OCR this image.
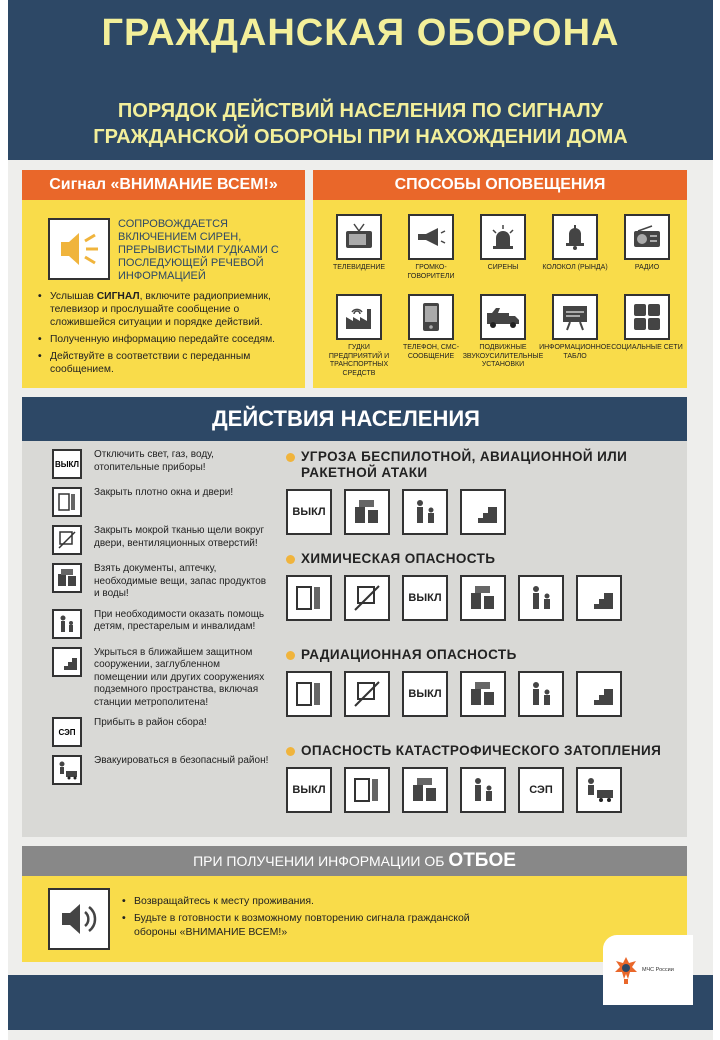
ГРАЖДАНСКАЯ ОБОРОНА
ПОРЯДОК ДЕЙСТВИЙ НАСЕЛЕНИЯ ПО СИГНАЛУ
ГРАЖДАНСКОЙ ОБОРОНЫ ПРИ НАХОЖДЕНИИ ДОМА
Сигнал «ВНИМАНИЕ ВСЕМ!»
СОПРОВОЖДАЕТСЯ ВКЛЮЧЕНИЕМ СИРЕН, ПРЕРЫВИСТЫМИ ГУДКАМИ С ПОСЛЕДУЮЩЕЙ РЕЧЕВОЙ ИНФОРМАЦИЕЙ
• Услышав СИГНАЛ, включите радиоприемник, телевизор и прослушайте сообщение о сложившейся ситуации и порядке действий.
• Полученную информацию передайте соседям.
• Действуйте в соответствии с переданным сообщением.
СПОСОБЫ ОПОВЕЩЕНИЯ
ТЕЛЕВИДЕНИЕ	ГРОМКО-ГОВОРИТЕЛИ
СИРЕНЫ	КОЛОКОЛ (РЫНДА)	РАДИО
ГУДКИ ПРЕДПРИЯТИЙ И ТРАНСПОРТНЫХ СРЕДСТВ
ТЕЛЕФОН, СМС-СООБЩЕНИЕ
ПОДВИЖНЫЕ ЗВУКОУСИЛИТЕЛЬНЫЕ УСТАНОВКИ
ИНФОРМАЦИОННОЕ ТАБЛО
СОЦИАЛЬНЫЕ СЕТИ
ДЕЙСТВИЯ НАСЕЛЕНИЯ
ВЫКЛ
Отключить свет, газ, воду, отопительные приборы!
Закрыть плотно окна и двери!
Закрыть мокрой тканью щели вокруг двери, вентиляционных отверстий!
Взять документы, аптечку, необходимые вещи, запас продуктов и воды!
При необходимости оказать помощь детям, престарелым и инвалидам!
Укрыться в ближайшем защитном сооружении, заглубленном помещении или других сооружениях подземного пространства, включая станции метрополитена!
СЭП
Прибыть в район сбора!
Эвакуироваться в безопасный район!
УГРОЗА БЕСПИЛОТНОЙ, АВИАЦИОННОЙ ИЛИ РАКЕТНОЙ АТАКИ
ВЫКЛ
ХИМИЧЕСКАЯ ОПАСНОСТЬ
ВЫКЛ
РАДИАЦИОННАЯ ОПАСНОСТЬ
ВЫКЛ
ОПАСНОСТЬ КАТАСТРОФИЧЕСКОГО ЗАТОПЛЕНИЯ
ВЫКЛ	СЭП
ПРИ ПОЛУЧЕНИИ ИНФОРМАЦИИ ОБ ОТБОЕ
• Возвращайтесь к месту проживания.
• Будьте в готовности к возможному повторению сигнала гражданской обороны «ВНИМАНИЕ ВСЕМ!»
МЧС России
